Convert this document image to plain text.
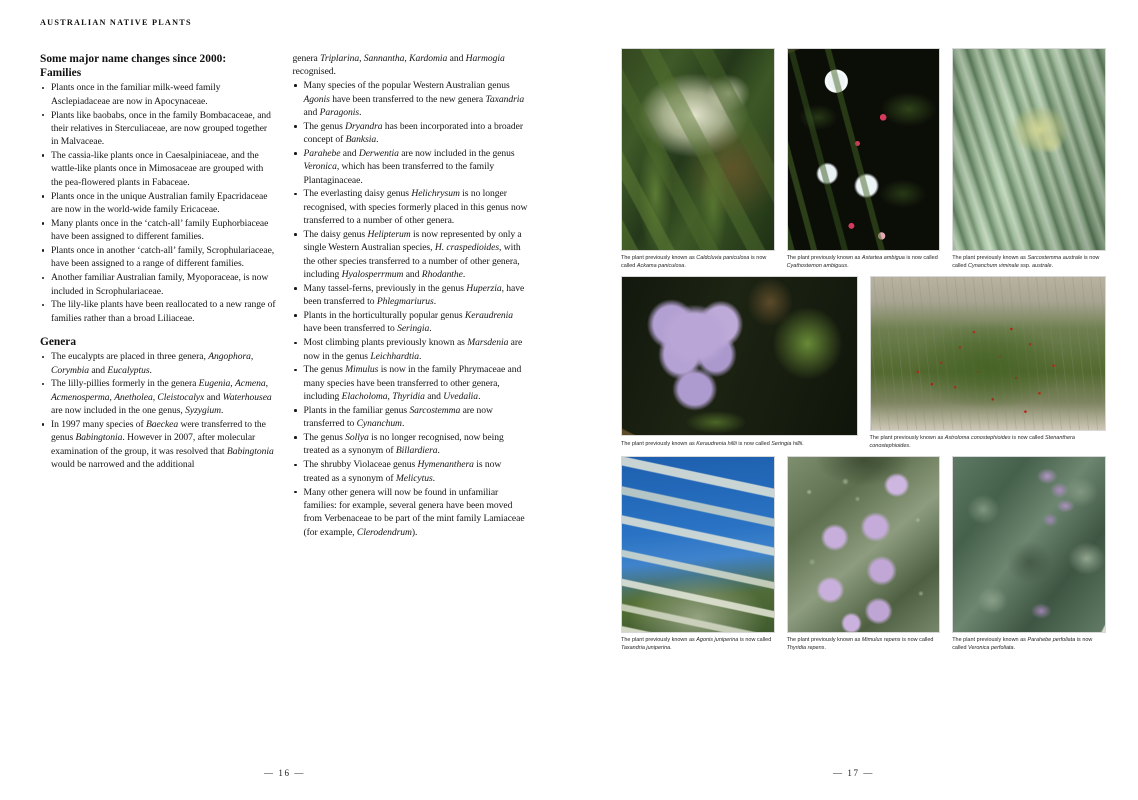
AUSTRALIAN NATIVE PLANTS
Some major name changes since 2000:
Families
Plants once in the familiar milk-weed family Asclepiadaceae are now in Apocynaceae.
Plants like baobabs, once in the family Bombacaceae, and their relatives in Sterculiaceae, are now grouped together in Malvaceae.
The cassia-like plants once in Caesalpiniaceae, and the wattle-like plants once in Mimosaceae are grouped with the pea-flowered plants in Fabaceae.
Plants once in the unique Australian family Epacridaceae are now in the world-wide family Ericaceae.
Many plants once in the ‘catch-all’ family Euphorbiaceae have been assigned to different families.
Plants once in another ‘catch-all’ family, Scrophulariaceae, have been assigned to a range of different families.
Another familiar Australian family, Myoporaceae, is now included in Scrophulariaceae.
The lily-like plants have been reallocated to a new range of families rather than a broad Liliaceae.
Genera
The eucalypts are placed in three genera, Angophora, Corymbia and Eucalyptus.
The lilly-pillies formerly in the genera Eugenia, Acmena, Acmenosperma, Anetholea, Cleistocalyx and Waterhousea are now included in the one genus, Syzygium.
In 1997 many species of Baeckea were transferred to the genus Babingtonia. However in 2007, after molecular examination of the group, it was resolved that Babingtonia would be narrowed and the additional
genera Triplarina, Sannantha, Kardomia and Harmogia recognised.
Many species of the popular Western Australian genus Agonis have been transferred to the new genera Taxandria and Paragonis.
The genus Dryandra has been incorporated into a broader concept of Banksia.
Parahebe and Derwentia are now included in the genus Veronica, which has been transferred to the family Plantaginaceae.
The everlasting daisy genus Helichrysum is no longer recognised, with species formerly placed in this genus now transferred to a number of other genera.
The daisy genus Helipterum is now represented by only a single Western Australian species, H. craspedioides, with the other species transferred to a number of other genera, including Hyalosperrmum and Rhodanthe.
Many tassel-ferns, previously in the genus Huperzia, have been transferred to Phlegmariurus.
Plants in the horticulturally popular genus Keraudrenia have been transferred to Seringia.
Most climbing plants previously known as Marsdenia are now in the genus Leichhardtia.
The genus Mimulus is now in the family Phrymaceae and many species have been transferred to other genera, including Elacholoma, Thyridia and Uvedalia.
Plants in the familiar genus Sarcostemma are now transferred to Cynanchum.
The genus Sollya is no longer recognised, now being treated as a synonym of Billardiera.
The shrubby Violaceae genus Hymenanthera is now treated as a synonym of Melicytus.
Many other genera will now be found in unfamiliar families: for example, several genera have been moved from Verbenaceae to be part of the mint family Lamiaceae (for example, Clerodendrum).
— 16 —
The plant previously known as Caldcluvia paniculosa is now called Ackama paniculosa.
The plant previously known as Astartea ambigua is now called Cyathostemon ambiguus.
The plant previously known as Sarcostemma australe is now called Cynanchum viminale ssp. australe.
The plant previously known as Keraudrenia hillii is now called Seringia hillii.
The plant previously known as Astroloma conostephioides is now called Stenanthera conostephioides.
The plant previously known as Agonis juniperina is now called Taxandria juniperina.
The plant previously known as Mimulus repens is now called Thyridia repens.
The plant previously known as Parahebe perfoliata is now called Veronica perfoliata.
— 17 —
